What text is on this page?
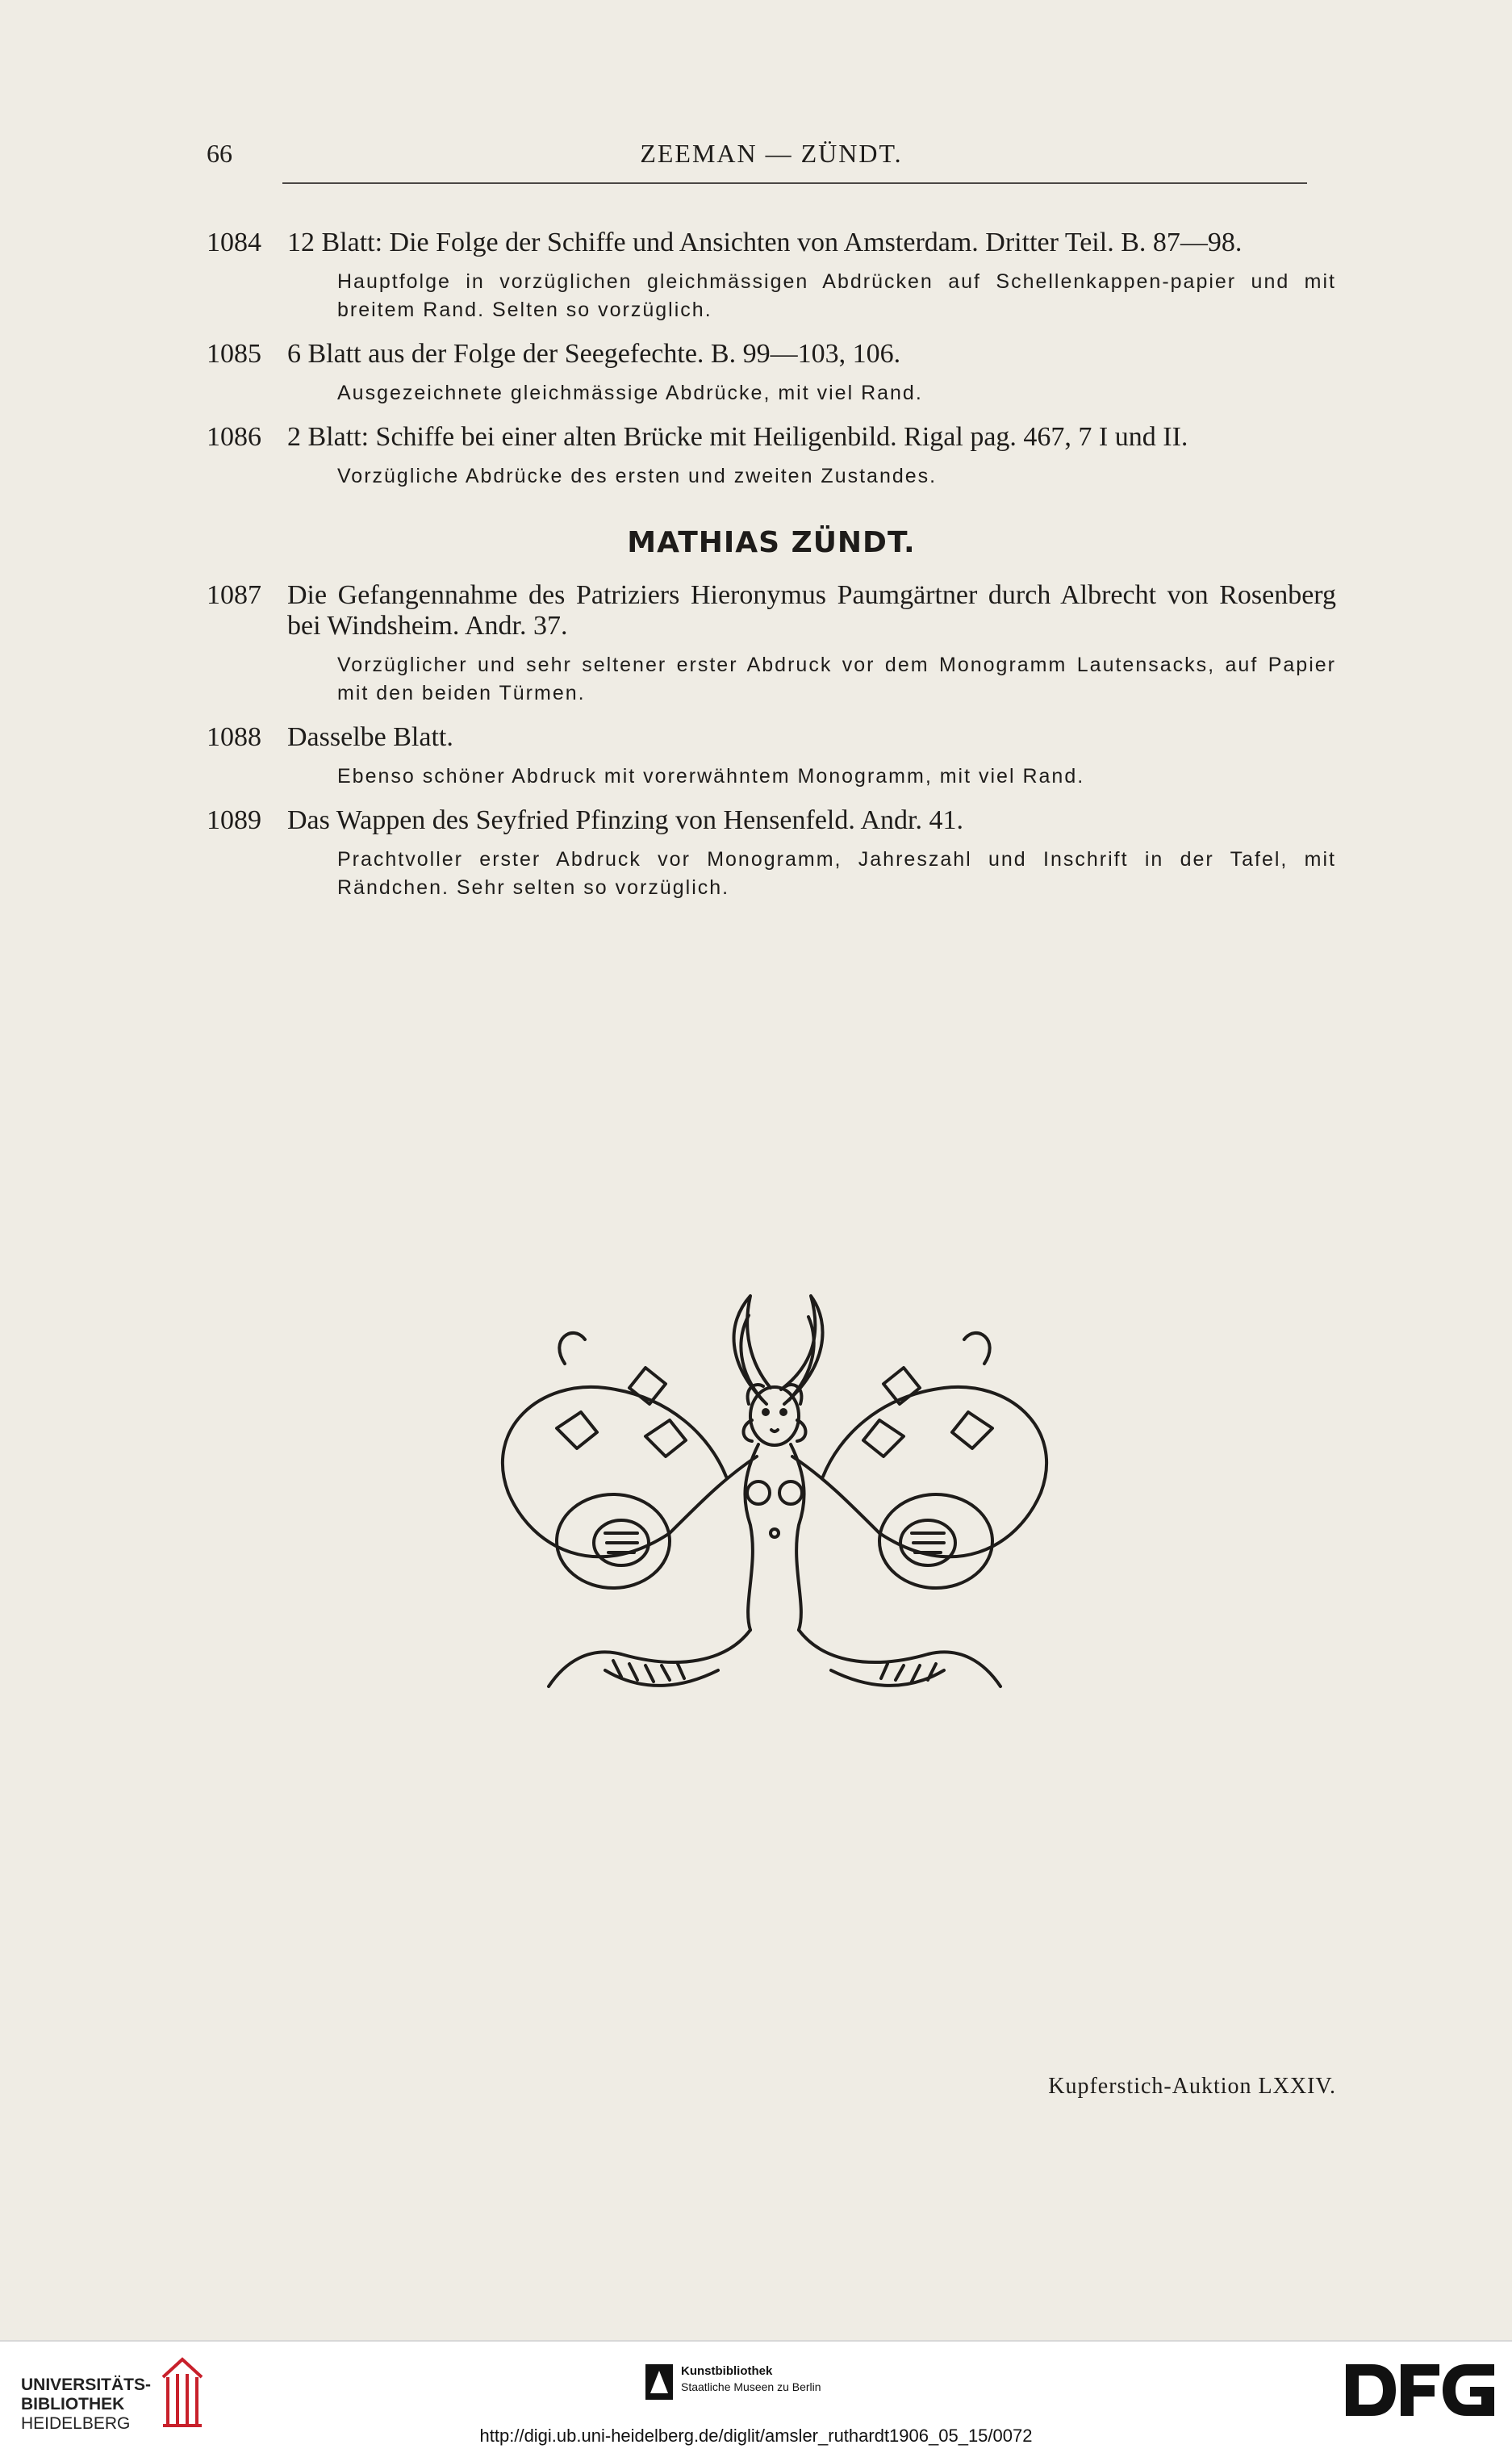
66	ZEEMAN — ZÜNDT.
1084 12 Blatt: Die Folge der Schiffe und Ansichten von Amsterdam. Dritter Teil. B. 87—98.
Hauptfolge in vorzüglichen gleichmässigen Abdrücken auf Schellenkappen-papier und mit breitem Rand. Selten so vorzüglich.
1085 6 Blatt aus der Folge der Seegefechte. B. 99—103, 106.
Ausgezeichnete gleichmässige Abdrücke, mit viel Rand.
1086 2 Blatt: Schiffe bei einer alten Brücke mit Heiligenbild. Rigal pag. 467, 7 I und II.
Vorzügliche Abdrücke des ersten und zweiten Zustandes.
MATHIAS ZÜNDT.
1087 Die Gefangennahme des Patriziers Hieronymus Paumgärtner durch Albrecht von Rosenberg bei Windsheim. Andr. 37.
Vorzüglicher und sehr seltener erster Abdruck vor dem Monogramm Lautensacks, auf Papier mit den beiden Türmen.
1088 Dasselbe Blatt.
Ebenso schöner Abdruck mit vorerwähntem Monogramm, mit viel Rand.
1089 Das Wappen des Seyfried Pfinzing von Hensenfeld. Andr. 41.
Prachtvoller erster Abdruck vor Monogramm, Jahreszahl und Inschrift in der Tafel, mit Rändchen. Sehr selten so vorzüglich.
Kupferstich-Auktion LXXIV.
UNIVERSITÄTS-
BIBLIOTHEK
HEIDELBERG
Kunstbibliothek
Staatliche Museen zu Berlin
http://digi.ub.uni-heidelberg.de/diglit/amsler_ruthardt1906_05_15/0072
